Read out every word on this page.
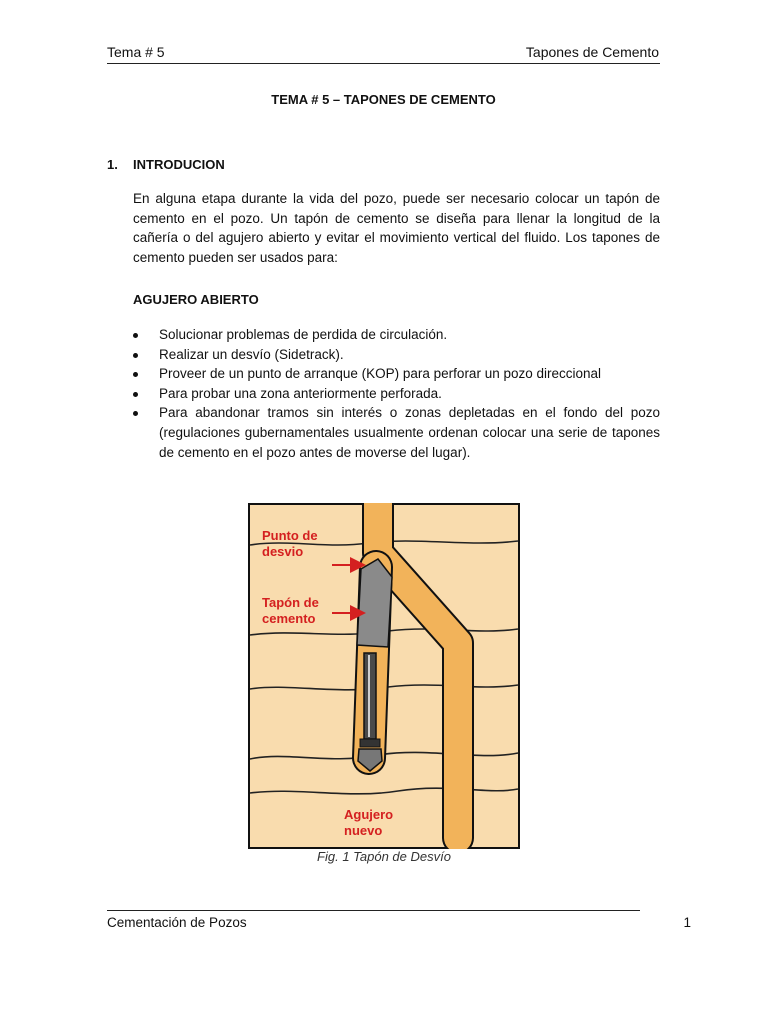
Tema # 5	Tapones de Cemento
TEMA # 5 – TAPONES DE CEMENTO
1. INTRODUCION
En alguna etapa durante la vida del pozo, puede ser necesario colocar un tapón de cemento en el pozo. Un tapón de cemento se diseña para llenar la longitud de la cañería o del agujero abierto y evitar el movimiento vertical del fluido. Los tapones de cemento pueden ser usados para:
AGUJERO ABIERTO
Solucionar problemas de perdida de circulación.
Realizar un desvío (Sidetrack).
Proveer de un punto de arranque (KOP) para perforar un pozo direccional
Para probar una zona anteriormente perforada.
Para abandonar tramos sin interés o zonas depletadas en el fondo del pozo (regulaciones gubernamentales usualmente ordenan colocar una serie de tapones de cemento en el pozo antes de moverse del lugar).
Punto de
desvio
Tapón de
cemento
Agujero
nuevo
Fig. 1 Tapón de Desvío
Cementación de Pozos	1
